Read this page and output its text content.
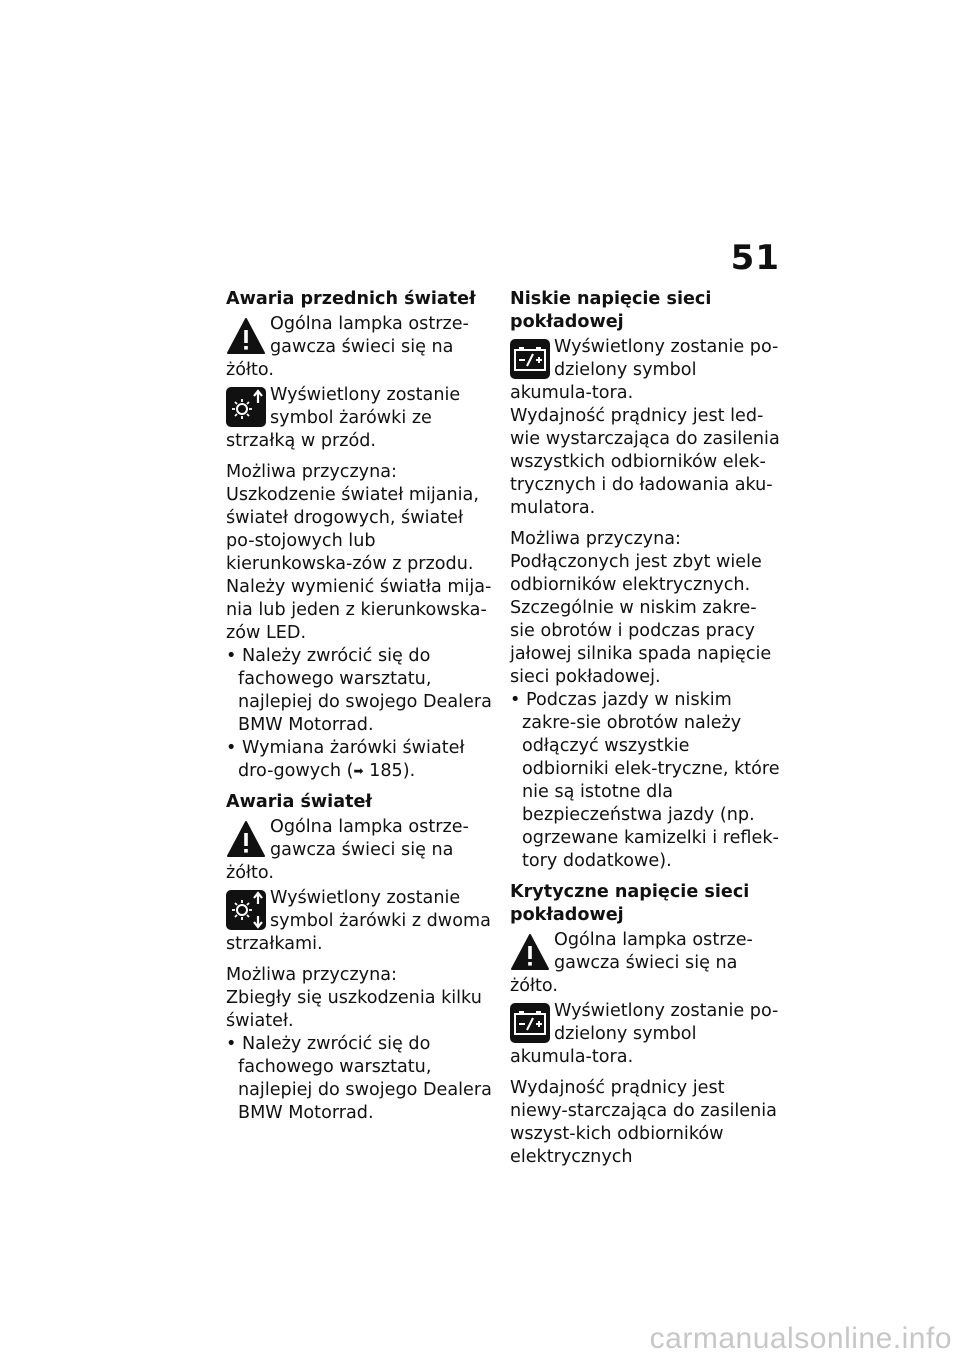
51
Awaria przednich świateł

Ogólna lampka ostrze-gawcza świeci się na żółto.

Wyświetlony zostanie symbol żarówki ze strzałką w przód.

Możliwa przyczyna:

Uszkodzenie świateł mijania, świateł drogowych, świateł po-stojowych lub kierunkowska-zów z przodu.

Należy wymienić światła mija-nia lub jeden z kierunkowska-zów LED.

• Należy zwrócić się do fachowego warsztatu, najlepiej do swojego Dealera BMW Motorrad.
• Wymiana żarówki świateł dro-gowych (➡ 185).
Awaria świateł

Ogólna lampka ostrze-gawcza świeci się na żółto.

Wyświetlony zostanie symbol żarówki z dwoma strzałkami.

Możliwa przyczyna:

Zbiegły się uszkodzenia kilku świateł.

• Należy zwrócić się do fachowego warsztatu, najlepiej do swojego Dealera BMW Motorrad.
Niskie napięcie sieci pokładowej

Wyświetlony zostanie po-dzielony symbol akumula-tora.

Wydajność prądnicy jest led-wie wystarczająca do zasilenia wszystkich odbiorników elek-trycznych i do ładowania aku-mulatora.

Możliwa przyczyna:

Podłączonych jest zbyt wiele odbiorników elektrycznych.

Szczególnie w niskim zakre-sie obrotów i podczas pracy jałowej silnika spada napięcie sieci pokładowej.

• Podczas jazdy w niskim zakre-sie obrotów należy odłączyć wszystkie odbiorniki elek-tryczne, które nie są istotne dla bezpieczeństwa jazdy (np. ogrzewane kamizelki i reflek-tory dodatkowe).
Krytyczne napięcie sieci pokładowej

Ogólna lampka ostrze-gawcza świeci się na żółto.

Wyświetlony zostanie po-dzielony symbol akumula-tora.

Wydajność prądnicy jest niewy-starczająca do zasilenia wszyst-kich odbiorników elektrycznych

carmanualsonline.info
